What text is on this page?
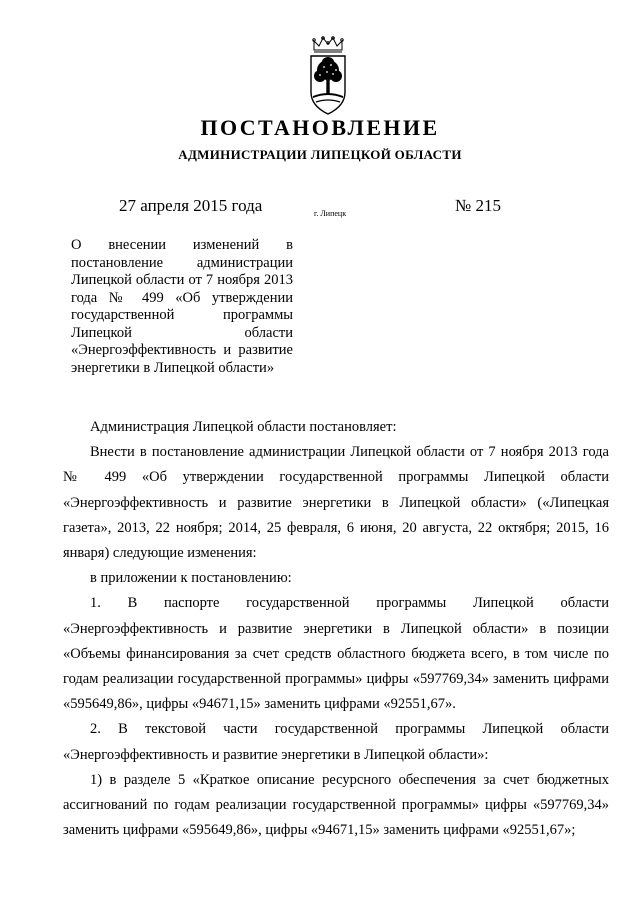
ПОСТАНОВЛЕНИЕ
АДМИНИСТРАЦИИ ЛИПЕЦКОЙ ОБЛАСТИ
27 апреля 2015 года	г. Липецк	№ 215
О внесении изменений в постановление администрации Липецкой области от 7 ноября 2013 года № 499 «Об утверждении государственной программы Липецкой области «Энергоэффективность и развитие энергетики в Липецкой области»

Администрация Липецкой области постановляет:

Внести в постановление администрации Липецкой области от 7 ноября 2013 года № 499 «Об утверждении государственной программы Липецкой области «Энергоэффективность и развитие энергетики в Липецкой области» («Липецкая газета», 2013, 22 ноября; 2014, 25 февраля, 6 июня, 20 августа, 22 октября; 2015, 16 января) следующие изменения:

в приложении к постановлению:

1. В паспорте государственной программы Липецкой области «Энергоэффективность и развитие энергетики в Липецкой области» в позиции «Объемы финансирования за счет средств областного бюджета всего, в том числе по годам реализации государственной программы» цифры «597769,34» заменить цифрами «595649,86», цифры «94671,15» заменить цифрами «92551,67».

2. В текстовой части государственной программы Липецкой области «Энергоэффективность и развитие энергетики в Липецкой области»:

1) в разделе 5 «Краткое описание ресурсного обеспечения за счет бюджетных ассигнований по годам реализации государственной программы» цифры «597769,34» заменить цифрами «595649,86», цифры «94671,15» заменить цифрами «92551,67»;
